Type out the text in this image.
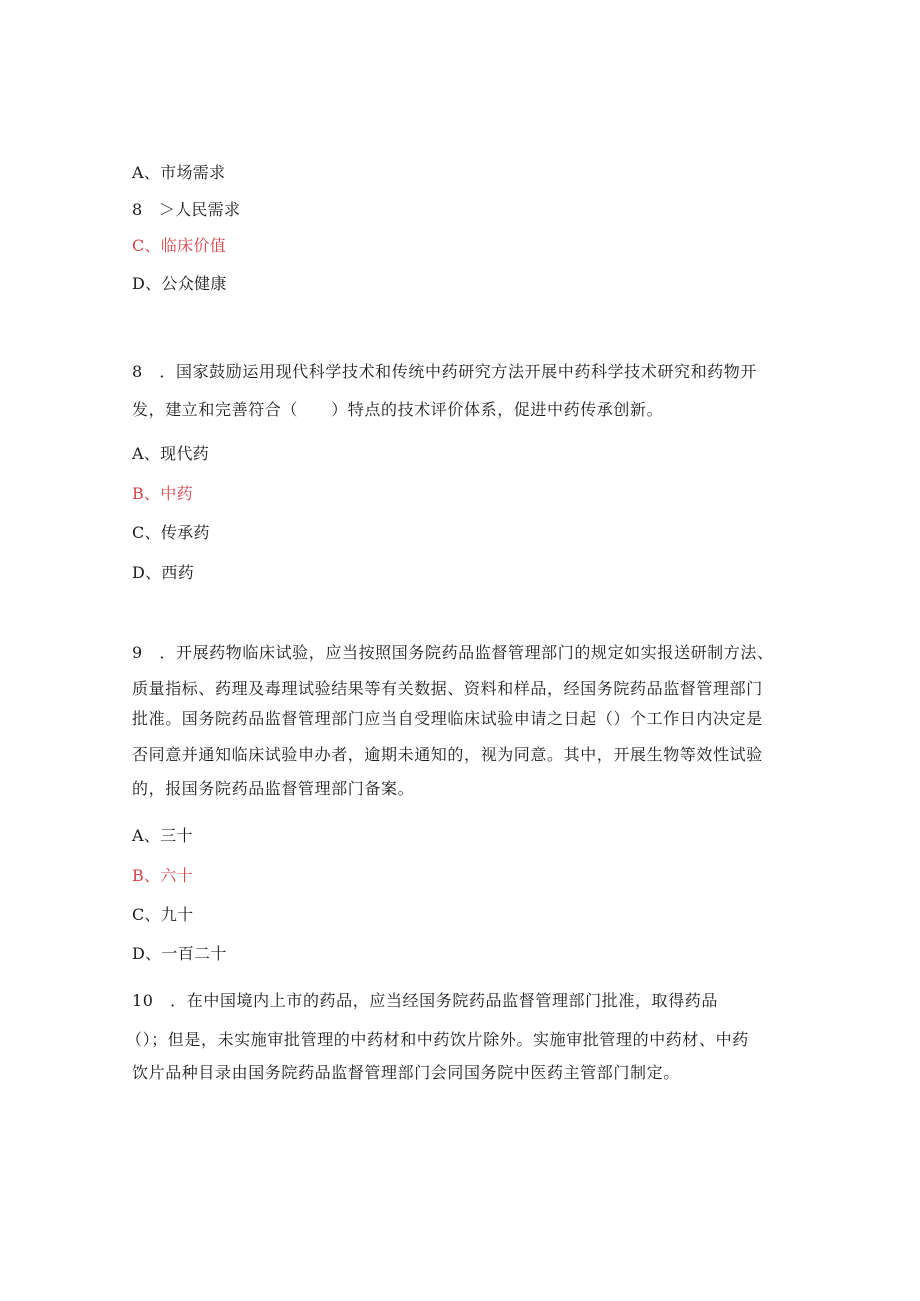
A、市场需求
8　＞人民需求
C、临床价值
D、公众健康
8　．国家鼓励运用现代科学技术和传统中药研究方法开展中药科学技术研究和药物开
发，建立和完善符合（　　）特点的技术评价体系，促进中药传承创新。
A、现代药
B、中药
C、传承药
D、西药
9　．开展药物临床试验，应当按照国务院药品监督管理部门的规定如实报送研制方法、
质量指标、药理及毒理试验结果等有关数据、资料和样品，经国务院药品监督管理部门
批准。国务院药品监督管理部门应当自受理临床试验申请之日起（）个工作日内决定是
否同意并通知临床试验申办者，逾期未通知的，视为同意。其中，开展生物等效性试验
的，报国务院药品监督管理部门备案。
A、三十
B、六十
C、九十
D、一百二十
10　．在中国境内上市的药品，应当经国务院药品监督管理部门批准，取得药品
（）；但是，未实施审批管理的中药材和中药饮片除外。实施审批管理的中药材、中药
饮片品种目录由国务院药品监督管理部门会同国务院中医药主管部门制定。
